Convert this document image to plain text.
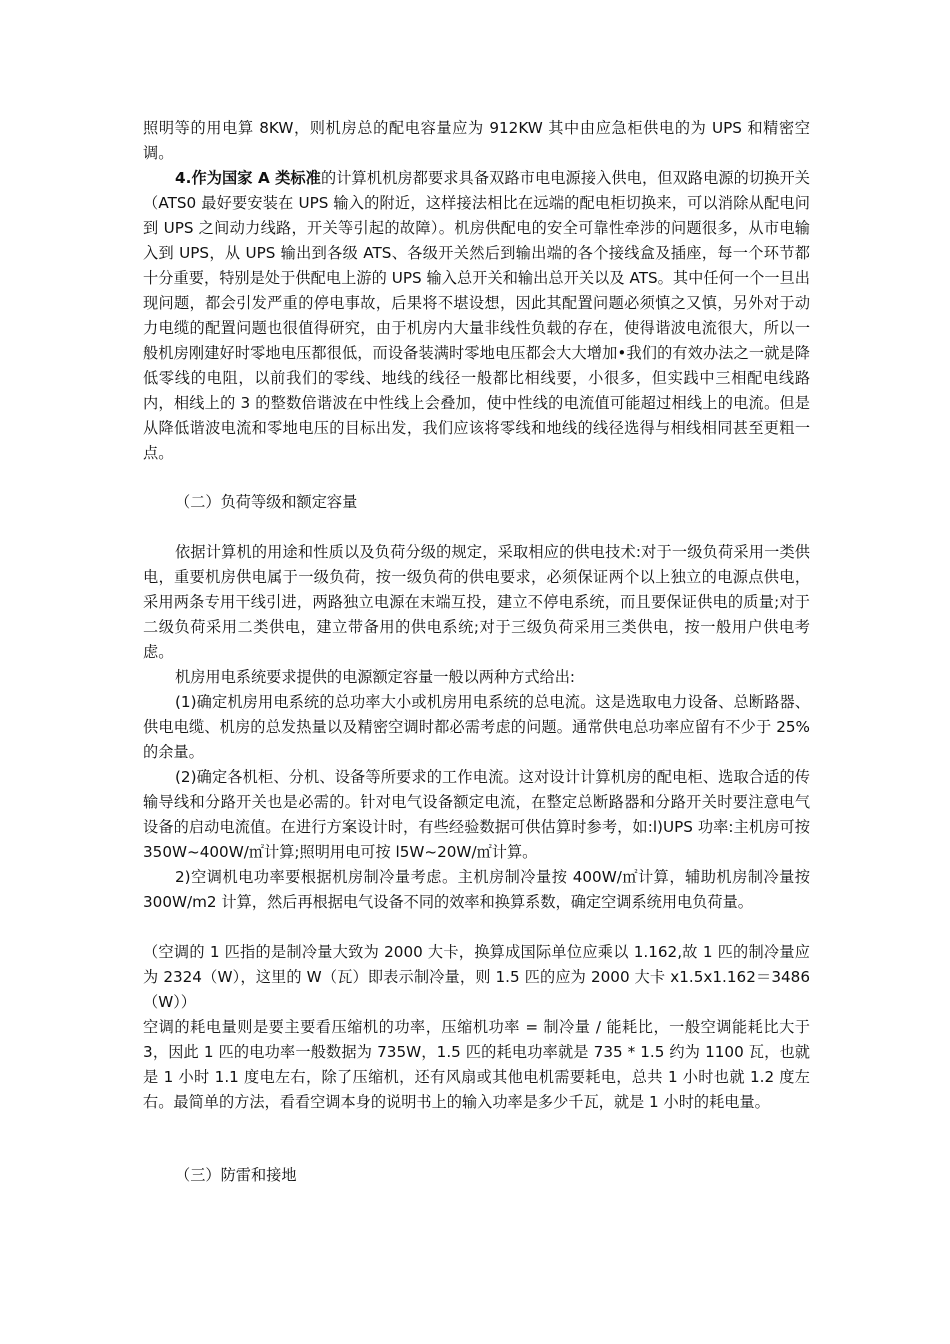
照明等的用电算 8KW，则机房总的配电容量应为 912KW 其中由应急柜供电的为 UPS 和精密空调。

4.作为国家 A 类标准的计算机机房都要求具备双路市电电源接入供电，但双路电源的切换开关（ATS0 最好要安装在 UPS 输入的附近，这样接法相比在远端的配电柜切换来，可以消除从配电问到 UPS 之间动力线路，开关等引起的故障）。机房供配电的安全可靠性牵涉的问题很多，从市电输入到 UPS，从 UPS 输出到各级 ATS、各级开关然后到输出端的各个接线盒及插座，每一个环节都十分重要，特别是处于供配电上游的 UPS 输入总开关和输出总开关以及 ATS。其中任何一个一旦出现问题，都会引发严重的停电事故，后果将不堪设想，因此其配置问题必须慎之又慎，另外对于动力电缆的配置问题也很值得研究，由于机房内大量非线性负载的存在，使得谐波电流很大，所以一般机房刚建好时零地电压都很低，而设备装满时零地电压都会大大增加•我们的有效办法之一就是降低零线的电阻，以前我们的零线、地线的线径一般都比相线要，小很多，但实践中三相配电线路内，相线上的 3 的整数倍谐波在中性线上会叠加，使中性线的电流值可能超过相线上的电流。但是从降低谐波电流和零地电压的目标出发，我们应该将零线和地线的线径选得与相线相同甚至更粗一点。

（二）负荷等级和额定容量

依据计算机的用途和性质以及负荷分级的规定，采取相应的供电技术:对于一级负荷采用一类供电，重要机房供电属于一级负荷，按一级负荷的供电要求，必须保证两个以上独立的电源点供电，采用两条专用干线引进，两路独立电源在末端互投，建立不停电系统，而且要保证供电的质量;对于二级负荷采用二类供电，建立带备用的供电系统;对于三级负荷采用三类供电，按一般用户供电考虑。

机房用电系统要求提供的电源额定容量一般以两种方式给出:

(1)确定机房用电系统的总功率大小或机房用电系统的总电流。这是选取电力设备、总断路器、供电电缆、机房的总发热量以及精密空调时都必需考虑的问题。通常供电总功率应留有不少于 25%的余量。

(2)确定各机柜、分机、设备等所要求的工作电流。这对设计计算机房的配电柜、选取合适的传输导线和分路开关也是必需的。针对电气设备额定电流，在整定总断路器和分路开关时要注意电气设备的启动电流值。在进行方案设计时，有些经验数据可供估算时参考，如:l)UPS 功率:主机房可按 350W~400W/㎡计算;照明用电可按 l5W~20W/㎡计算。

2)空调机电功率要根据机房制冷量考虑。主机房制冷量按 400W/㎡计算，辅助机房制冷量按 300W/m2 计算，然后再根据电气设备不同的效率和换算系数，确定空调系统用电负荷量。

（空调的 1 匹指的是制冷量大致为 2000 大卡，换算成国际单位应乘以 1.162,故 1 匹的制冷量应为 2324（W），这里的 W（瓦）即表示制冷量，则 1.5 匹的应为 2000 大卡 x1.5x1.162＝3486（W））

空调的耗电量则是要主要看压缩机的功率，压缩机功率 = 制冷量 / 能耗比，一般空调能耗比大于 3，因此 1 匹的电功率一般数据为 735W，1.5 匹的耗电功率就是 735 * 1.5 约为 1100 瓦，也就是 1 小时 1.1 度电左右，除了压缩机，还有风扇或其他电机需要耗电，总共 1 小时也就 1.2 度左右。最简单的方法，看看空调本身的说明书上的输入功率是多少千瓦，就是 1 小时的耗电量。

（三）防雷和接地
